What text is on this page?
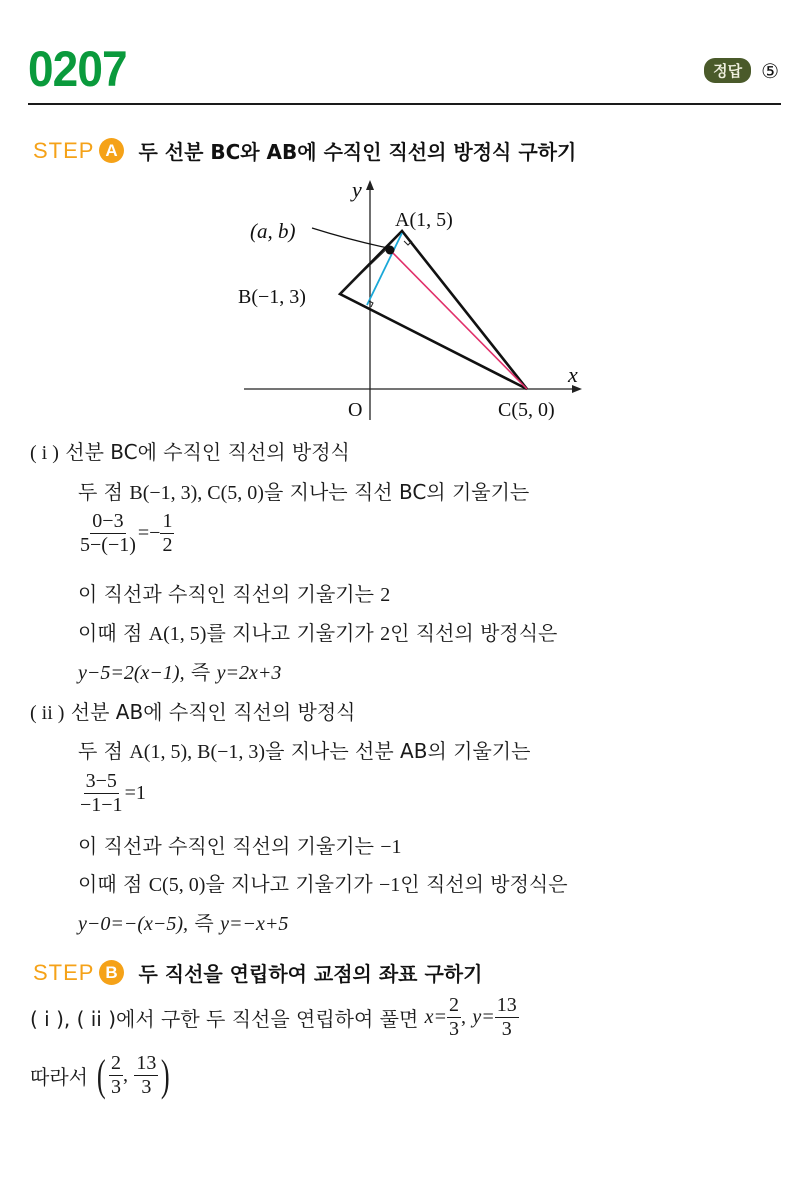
0207	정답 ⑤
STEP A 두 선분 BC와 AB에 수직인 직선의 방정식 구하기
y
x
O
A(1, 5)
B(−1, 3)
C(5, 0)
(a, b)
( i ) 선분 BC에 수직인 직선의 방정식
두 점 B(−1, 3), C(5, 0)을 지나는 직선 BC의 기울기는
$\frac{0-3}{5-(-1)} =- \frac{1}{2}$
이 직선과 수직인 직선의 기울기는 2
이때 점 A(1, 5)를 지나고 기울기가 2인 직선의 방정식은
y−5=2(x−1), 즉 y=2x+3
( ii ) 선분 AB에 수직인 직선의 방정식
두 점 A(1, 5), B(−1, 3)을 지나는 선분 AB의 기울기는
$\frac{3-5}{-1-1} =1$
이 직선과 수직인 직선의 기울기는 −1
이때 점 C(5, 0)을 지나고 기울기가 −1인 직선의 방정식은
y−0=−(x−5), 즉 y=−x+5
STEP B 두 직선을 연립하여 교점의 좌표 구하기
( i ), ( ii )에서 구한 두 직선을 연립하여 풀면 $x= \frac{2}{3}$ , $y= \frac{13}{3}$
따라서 ( $\frac{2}{3}$ , $\frac{13}{3}$ )
